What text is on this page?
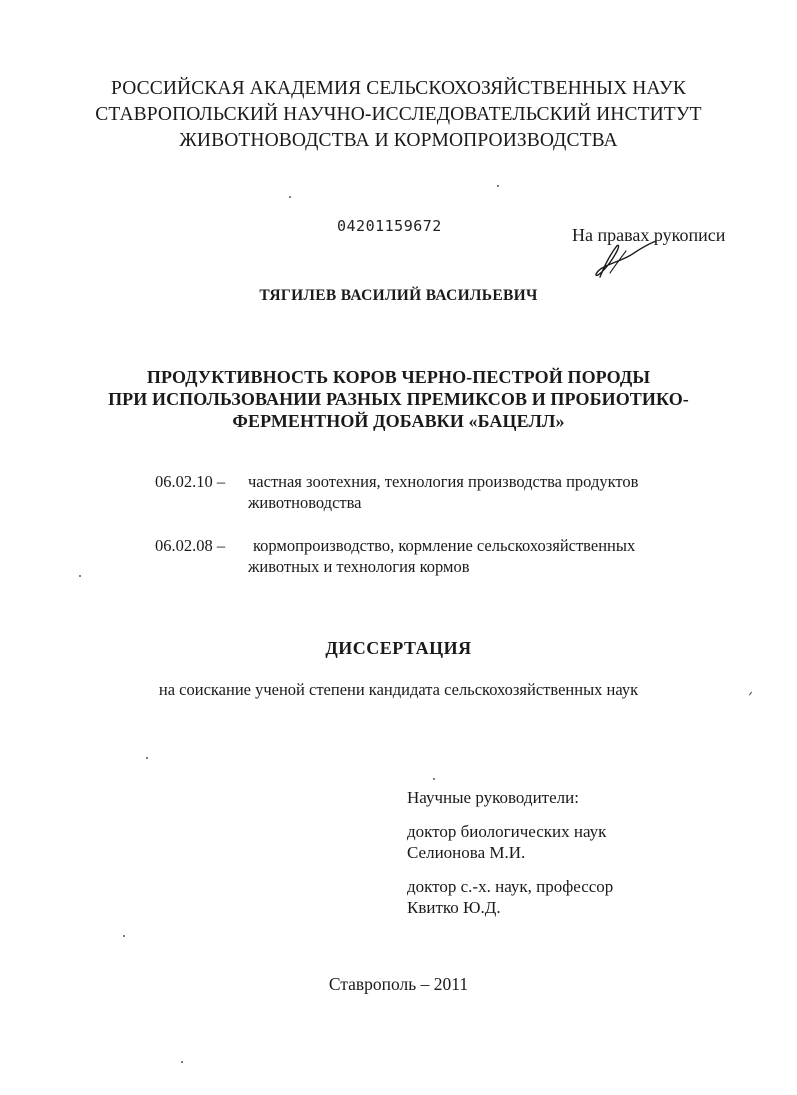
РОССИЙСКАЯ АКАДЕМИЯ СЕЛЬСКОХОЗЯЙСТВЕННЫХ НАУК
СТАВРОПОЛЬСКИЙ НАУЧНО-ИССЛЕДОВАТЕЛЬСКИЙ ИНСТИТУТ
ЖИВОТНОВОДСТВА И КОРМОПРОИЗВОДСТВА
04201159672	На правах рукописи
ТЯГИЛЕВ ВАСИЛИЙ ВАСИЛЬЕВИЧ
ПРОДУКТИВНОСТЬ КОРОВ ЧЕРНО-ПЕСТРОЙ ПОРОДЫ
ПРИ ИСПОЛЬЗОВАНИИ РАЗНЫХ ПРЕМИКСОВ И ПРОБИОТИКО-
ФЕРМЕНТНОЙ ДОБАВКИ «БАЦЕЛЛ»
06.02.10 – частная зоотехния, технология производства продуктов
животноводства
06.02.08 – кормопроизводство, кормление сельскохозяйственных
животных и технология кормов
ДИССЕРТАЦИЯ
на соискание ученой степени кандидата сельскохозяйственных наук
Научные руководители:
доктор биологических наук
Селионова М.И.
доктор с.-х. наук, профессор
Квитко Ю.Д.
Ставрополь – 2011
